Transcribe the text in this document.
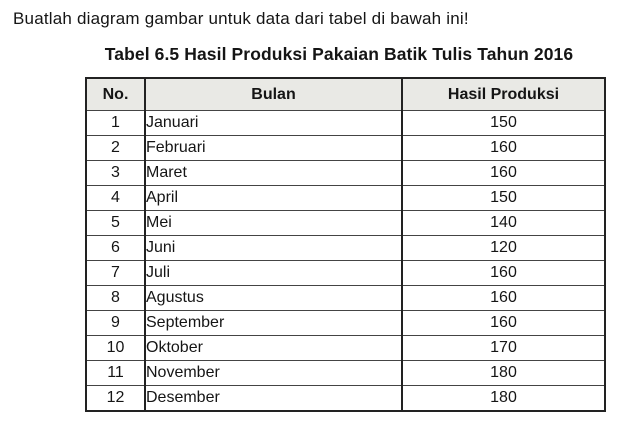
Buatlah diagram gambar untuk data dari tabel di bawah ini!
Tabel 6.5 Hasil Produksi Pakaian Batik Tulis Tahun 2016
No.	Bulan	Hasil Produksi
1	Januari	150
2	Februari	160
3	Maret	160
4	April	150
5	Mei	140
6	Juni	120
7	Juli	160
8	Agustus	160
9	September	160
10	Oktober	170
11	November	180
12	Desember	180
